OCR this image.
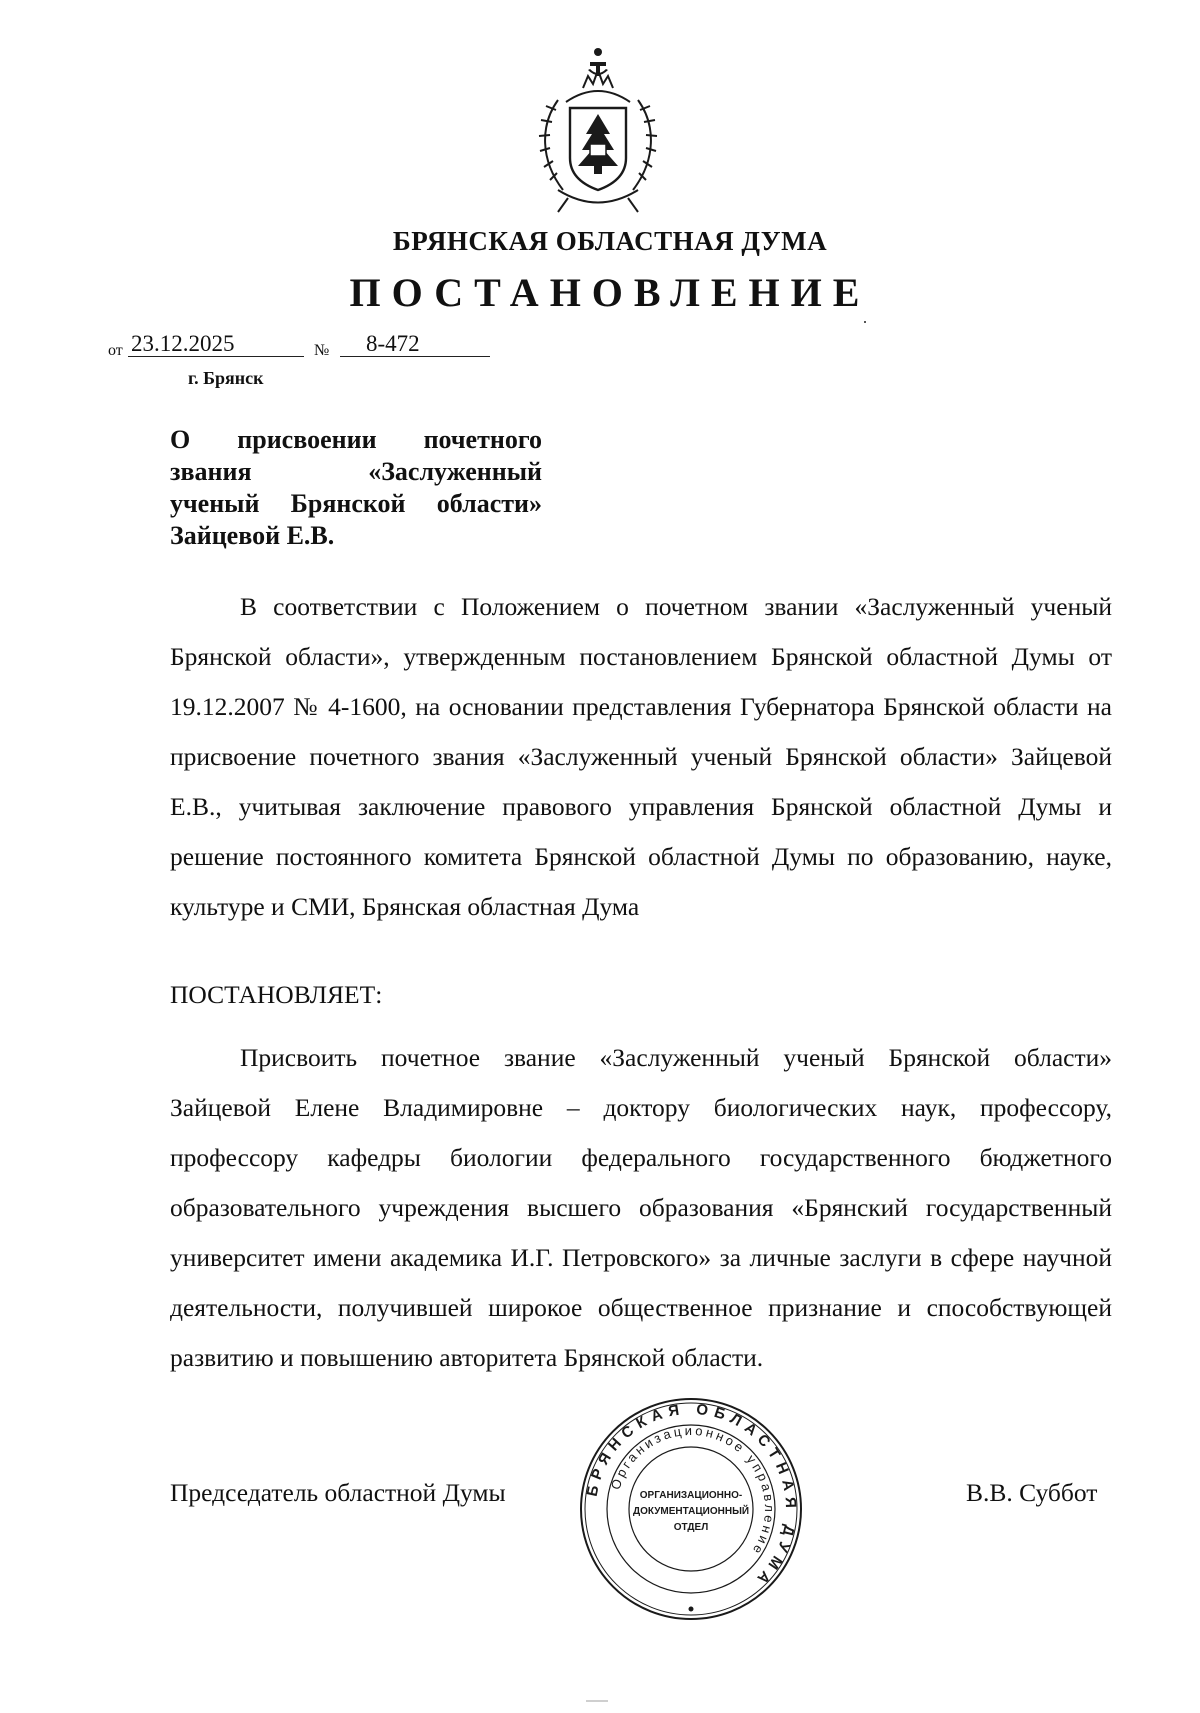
БРЯНСКАЯ ОБЛАСТНАЯ ДУМА
ПОСТАНОВЛЕНИЕ
от 23.12.2025	№ 8-472
г. Брянск
О присвоении почетного
звания «Заслуженный
ученый Брянской области»
Зайцевой Е.В.

В соответствии с Положением о почетном звании «Заслуженный ученый Брянской области», утвержденным постановлением Брянской областной Думы от 19.12.2007 № 4-1600, на основании представления Губернатора Брянской области на присвоение почетного звания «Заслуженный ученый Брянской области» Зайцевой Е.В., учитывая заключение правового управления Брянской областной Думы и решение постоянного комитета Брянской областной Думы по образованию, науке, культуре и СМИ, Брянская областная Дума

ПОСТАНОВЛЯЕТ:

Присвоить почетное звание «Заслуженный ученый Брянской области» Зайцевой Елене Владимировне – доктору биологических наук, профессору, профессору кафедры биологии федерального государственного бюджетного образовательного учреждения высшего образования «Брянский государственный университет имени академика И.Г. Петровского» за личные заслуги в сфере научной деятельности, получившей широкое общественное признание и способствующей развитию и повышению авторитета Брянской области.

Председатель областной Думы	В.В. Суббот
БРЯНСКАЯ ОБЛАСТНАЯ ДУМА
Организационное управление
ОРГАНИЗАЦИОННО-
ДОКУМЕНТАЦИОННЫЙ
ОТДЕЛ
